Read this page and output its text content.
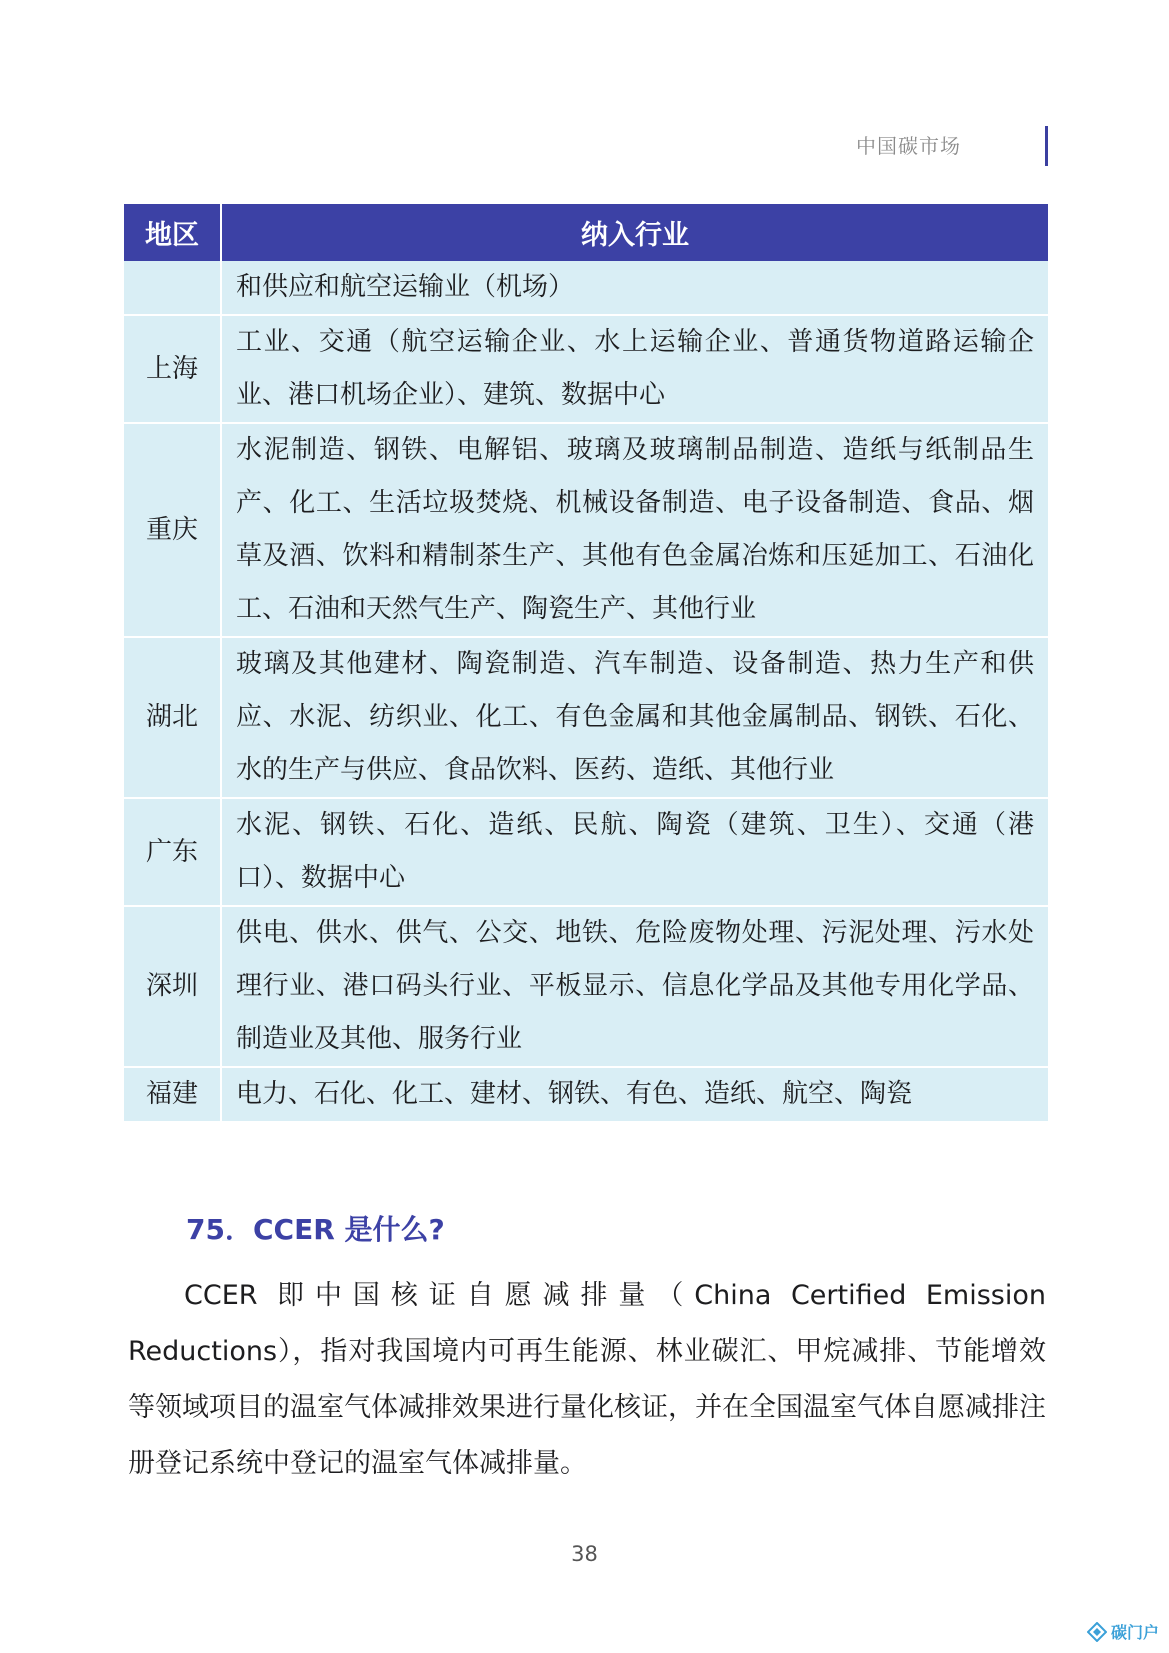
中国碳市场
地区	纳入行业
	和供应和航空运输业（机场）
上海	工业、交通（航空运输企业、水上运输企业、普通货物道路运输企业、港口机场企业）、建筑、数据中心
重庆	水泥制造、钢铁、电解铝、玻璃及玻璃制品制造、造纸与纸制品生产、化工、生活垃圾焚烧、机械设备制造、电子设备制造、食品、烟草及酒、饮料和精制茶生产、其他有色金属冶炼和压延加工、石油化工、石油和天然气生产、陶瓷生产、其他行业
湖北	玻璃及其他建材、陶瓷制造、汽车制造、设备制造、热力生产和供应、水泥、纺织业、化工、有色金属和其他金属制品、钢铁、石化、水的生产与供应、食品饮料、医药、造纸、其他行业
广东	水泥、钢铁、石化、造纸、民航、陶瓷（建筑、卫生）、交通（港口）、数据中心
深圳	供电、供水、供气、公交、地铁、危险废物处理、污泥处理、污水处理行业、港口码头行业、平板显示、信息化学品及其他专用化学品、制造业及其他、服务行业
福建	电力、石化、化工、建材、钢铁、有色、造纸、航空、陶瓷
75．CCER 是什么?

CCER 即中国核证自愿减排量（China Certified Emission Reductions），指对我国境内可再生能源、林业碳汇、甲烷减排、节能增效等领域项目的温室气体减排效果进行量化核证，并在全国温室气体自愿减排注册登记系统中登记的温室气体减排量。

38
碳门户
